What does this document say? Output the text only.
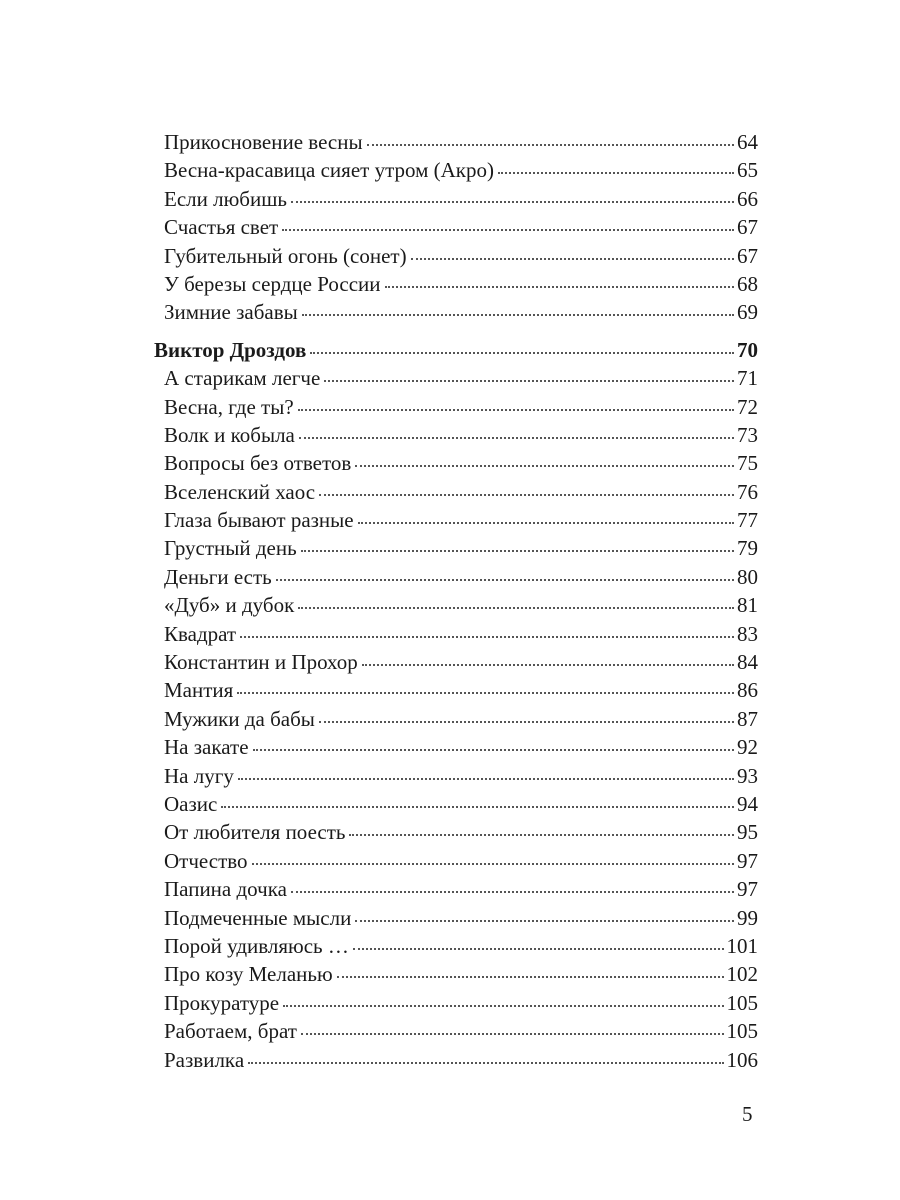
Прикосновение весны	64
Весна-красавица сияет утром (Акро)	65
Если любишь	66
Счастья свет	67
Губительный огонь (сонет)	67
У березы сердце России	68
Зимние забавы	69
Виктор Дроздов	70
А старикам легче	71
Весна, где ты?	72
Волк и кобыла	73
Вопросы без ответов	75
Вселенский хаос	76
Глаза бывают разные	77
Грустный день	79
Деньги есть	80
«Дуб» и дубок	81
Квадрат	83
Константин и Прохор	84
Мантия	86
Мужики да бабы	87
На закате	92
На лугу	93
Оазис	94
От любителя поесть	95
Отчество	97
Папина дочка	97
Подмеченные мысли	99
Порой удивляюсь …	101
Про козу Меланью	102
Прокуратуре	105
Работаем, брат	105
Развилка	106
5
